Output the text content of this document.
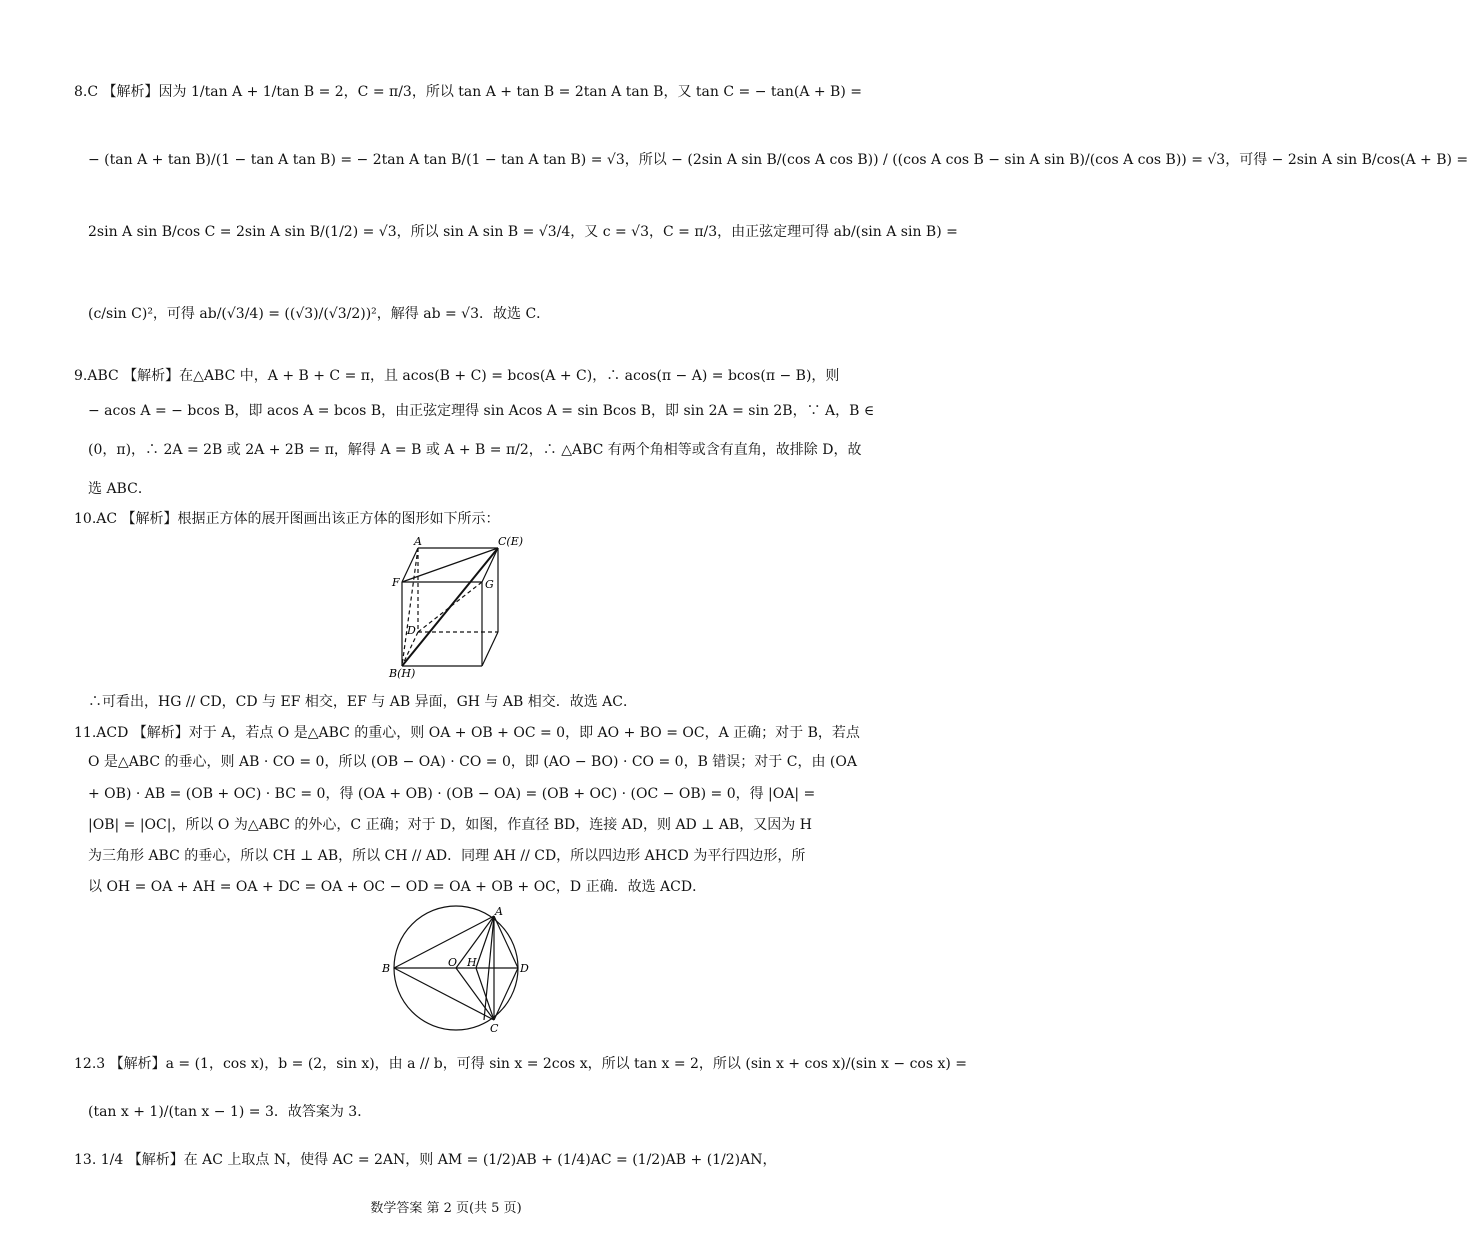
8.C 【解析】因为 1/tan A + 1/tan B = 2，C = π/3，所以 tan A + tan B = 2tan A tan B，又 tan C = − tan(A + B) =
− (tan A + tan B)/(1 − tan A tan B) = − 2tan A tan B/(1 − tan A tan B) = √3，所以 − (2sin A sin B/(cos A cos B)) / ((cos A cos B − sin A sin B)/(cos A cos B)) = √3，可得 − 2sin A sin B/cos(A + B) =
2sin A sin B/cos C = 2sin A sin B/(1/2) = √3，所以 sin A sin B = √3/4，又 c = √3，C = π/3，由正弦定理可得 ab/(sin A sin B) =
(c/sin C)²，可得 ab/(√3/4) = ((√3)/(√3/2))²，解得 ab = √3．故选 C．
9.ABC 【解析】在△ABC 中，A + B + C = π，且 acos(B + C) = bcos(A + C)，∴ acos(π − A) = bcos(π − B)，则
− acos A = − bcos B，即 acos A = bcos B，由正弦定理得 sin Acos A = sin Bcos B，即 sin 2A = sin 2B，∵ A，B ∈
(0，π)，∴ 2A = 2B 或 2A + 2B = π，解得 A = B 或 A + B = π/2，∴ △ABC 有两个角相等或含有直角，故排除 D，故
选 ABC．
10.AC 【解析】根据正方体的展开图画出该正方体的图形如下所示：
A	C(E)
F	G
D
B(H)
∴可看出，HG // CD，CD 与 EF 相交，EF 与 AB 异面，GH 与 AB 相交．故选 AC．
11.ACD 【解析】对于 A，若点 O 是△ABC 的重心，则 OA + OB + OC = 0，即 AO + BO = OC，A 正确；对于 B，若点
O 是△ABC 的垂心，则 AB · CO = 0，所以 (OB − OA) · CO = 0，即 (AO − BO) · CO = 0，B 错误；对于 C，由 (OA
+ OB) · AB = (OB + OC) · BC = 0，得 (OA + OB) · (OB − OA) = (OB + OC) · (OC − OB) = 0，得 |OA| =
|OB| = |OC|，所以 O 为△ABC 的外心，C 正确；对于 D，如图，作直径 BD，连接 AD，则 AD ⊥ AB，又因为 H
为三角形 ABC 的垂心，所以 CH ⊥ AB，所以 CH // AD．同理 AH // CD，所以四边形 AHCD 为平行四边形，所
以 OH = OA + AH = OA + DC = OA + OC − OD = OA + OB + OC，D 正确．故选 ACD．
A
B
C
D
O H
12.3 【解析】a = (1，cos x)，b = (2，sin x)，由 a // b，可得 sin x = 2cos x，所以 tan x = 2，所以 (sin x + cos x)/(sin x − cos x) =
(tan x + 1)/(tan x − 1) = 3．故答案为 3．
13. 1/4 【解析】在 AC 上取点 N，使得 AC = 2AN，则 AM = (1/2)AB + (1/4)AC = (1/2)AB + (1/2)AN，
数学答案 第 2 页(共 5 页)
